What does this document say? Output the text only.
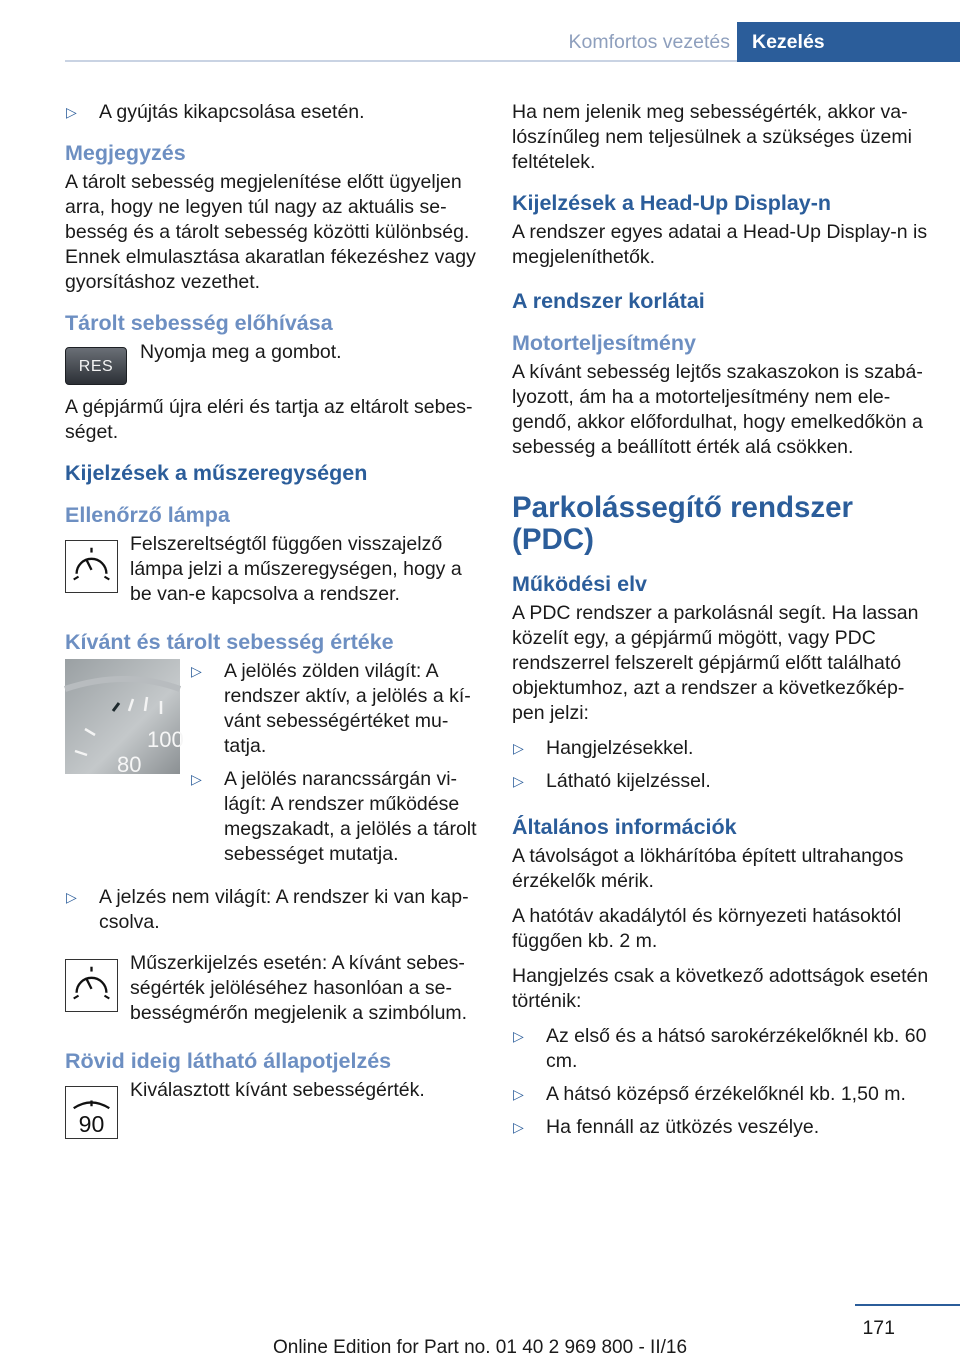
Komfortos vezetés	Kezelés
▷ A gyújtás kikapcsolása esetén.
Megjegyzés

A tárolt sebesség megjelenítése előtt ügyeljen arra, hogy ne legyen túl nagy az aktuális sebesség és a tárolt sebesség közötti különbség. Ennek elmulasztása akaratlan fékezéshez vagy gyorsításhoz vezethet.

Tárolt sebesség előhívása
RES
Nyomja meg a gombot.

A gépjármű újra eléri és tartja az eltárolt sebességet.

Kijelzések a műszeregységen
Ellenőrző lámpa
Felszereltségtől függően visszajelző lámpa jelzi a műszeregységen, hogy a be van-e kapcsolva a rendszer.
Kívánt és tárolt sebesség értéke
100
80
▷ A jelölés zölden világít: A rendszer aktív, a jelölés a kívánt sebességértéket mutatja.
▷ A jelölés narancssárgán világít: A rendszer működése megszakadt, a jelölés a tárolt sebességet mutatja.
▷ A jelzés nem világít: A rendszer ki van kapcsolva.
Műszerkijelzés esetén: A kívánt sebességérték jelöléséhez hasonlóan a sebességmérőn megjelenik a szimbólum.
Rövid ideig látható állapotjelzés
90
Kiválasztott kívánt sebességérték.

Ha nem jelenik meg sebességérték, akkor valószínűleg nem teljesülnek a szükséges üzemi feltételek.

Kijelzések a Head-Up Display-n

A rendszer egyes adatai a Head-Up Display-n is megjeleníthetők.

A rendszer korlátai
Motorteljesítmény

A kívánt sebesség lejtős szakaszokon is szabályozott, ám ha a motorteljesítmény nem elegendő, akkor előfordulhat, hogy emelkedőkön a sebesség a beállított érték alá csökken.

Parkolássegítő rendszer (PDC)
Működési elv

A PDC rendszer a parkolásnál segít. Ha lassan közelít egy, a gépjármű mögött, vagy PDC rendszerrel felszerelt gépjármű előtt található objektumhoz, azt a rendszer a következőképpen jelzi:

▷ Hangjelzésekkel.
▷ Látható kijelzéssel.
Általános információk

A távolságot a lökhárítóba épített ultrahangos érzékelők mérik.

A hatótáv akadálytól és környezeti hatásoktól függően kb. 2 m.

Hangjelzés csak a következő adottságok esetén történik:

▷ Az első és a hátsó sarokérzékelőknél kb. 60 cm.
▷ A hátsó középső érzékelőknél kb. 1,50 m.
▷ Ha fennáll az ütközés veszélye.
171
Online Edition for Part no. 01 40 2 969 800 - II/16
